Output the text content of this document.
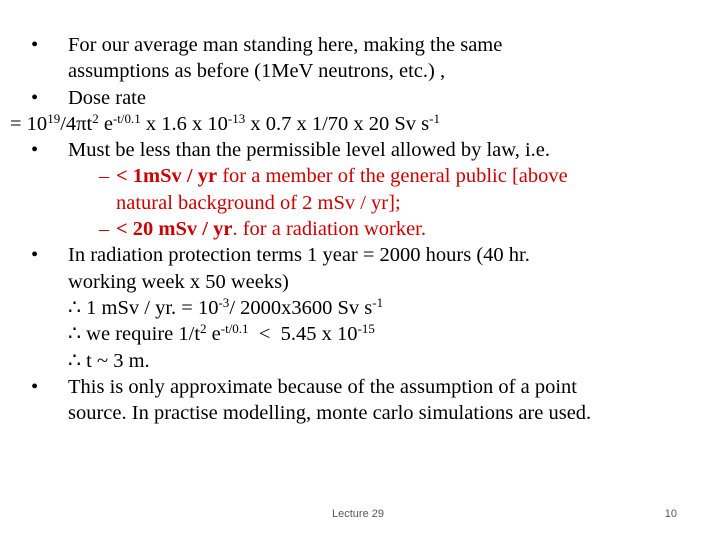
• For our average man standing here, making the same
assumptions as before (1MeV neutrons, etc.) ,
• Dose rate
= $10^{19}/4\pi t^2$ $e^{-t/0.1}$ x 1.6 x $10^{-13}$ x 0.7 x 1/70 x 20 Sv $s^{-1}$
• Must be less than the permissible level allowed by law, i.e.
– < 1mSv / yr for a member of the general public [above
natural background of 2 mSv / yr];
– < 20 mSv / yr. for a radiation worker.
• In radiation protection terms 1 year = 2000 hours (40 hr.
working week x 50 weeks)
∴ 1 mSv / yr. = $10^{-3}/$ 2000x3600 Sv $s^{-1}$
∴ we require $1/t^2$ $e^{-t/0.1} < 5.45$ x $10^{-15}$
∴ t ~ 3 m.
• This is only approximate because of the assumption of a point
source. In practise modelling, monte carlo simulations are used.
Lecture 29	10
